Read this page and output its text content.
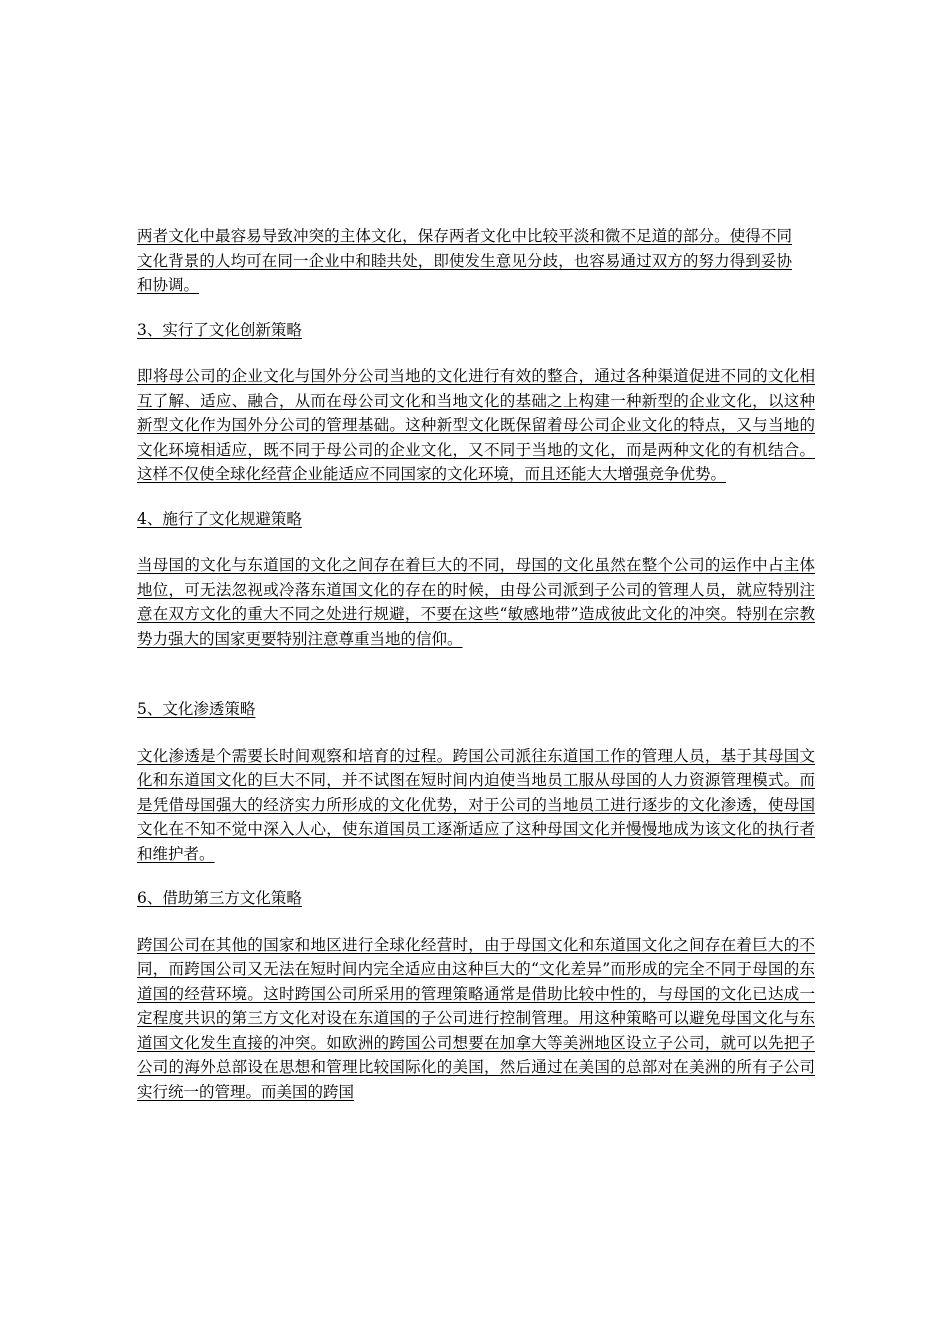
两者文化中最容易导致冲突的主体文化，保存两者文化中比较平淡和微不足道的部分。使得不同文化背景的人均可在同一企业中和睦共处，即使发生意见分歧，也容易通过双方的努力得到妥协和协调。

3、实行了文化创新策略

即将母公司的企业文化与国外分公司当地的文化进行有效的整合，通过各种渠道促进不同的文化相互了解、适应、融合，从而在母公司文化和当地文化的基础之上构建一种新型的企业文化，以这种新型文化作为国外分公司的管理基础。这种新型文化既保留着母公司企业文化的特点，又与当地的文化环境相适应，既不同于母公司的企业文化，又不同于当地的文化，而是两种文化的有机结合。这样不仅使全球化经营企业能适应不同国家的文化环境，而且还能大大增强竞争优势。

4、施行了文化规避策略

当母国的文化与东道国的文化之间存在着巨大的不同，母国的文化虽然在整个公司的运作中占主体地位，可无法忽视或冷落东道国文化的存在的时候，由母公司派到子公司的管理人员，就应特别注意在双方文化的重大不同之处进行规避，不要在这些“敏感地带”造成彼此文化的冲突。特别在宗教势力强大的国家更要特别注意尊重当地的信仰。

5、文化渗透策略

文化渗透是个需要长时间观察和培育的过程。跨国公司派往东道国工作的管理人员，基于其母国文化和东道国文化的巨大不同，并不试图在短时间内迫使当地员工服从母国的人力资源管理模式。而是凭借母国强大的经济实力所形成的文化优势，对于公司的当地员工进行逐步的文化渗透，使母国文化在不知不觉中深入人心，使东道国员工逐渐适应了这种母国文化并慢慢地成为该文化的执行者和维护者。

6、借助第三方文化策略

跨国公司在其他的国家和地区进行全球化经营时，由于母国文化和东道国文化之间存在着巨大的不同，而跨国公司又无法在短时间内完全适应由这种巨大的“文化差异”而形成的完全不同于母国的东道国的经营环境。这时跨国公司所采用的管理策略通常是借助比较中性的，与母国的文化已达成一定程度共识的第三方文化对设在东道国的子公司进行控制管理。用这种策略可以避免母国文化与东道国文化发生直接的冲突。如欧洲的跨国公司想要在加拿大等美洲地区设立子公司，就可以先把子公司的海外总部设在思想和管理比较国际化的美国，然后通过在美国的总部对在美洲的所有子公司实行统一的管理。而美国的跨国
